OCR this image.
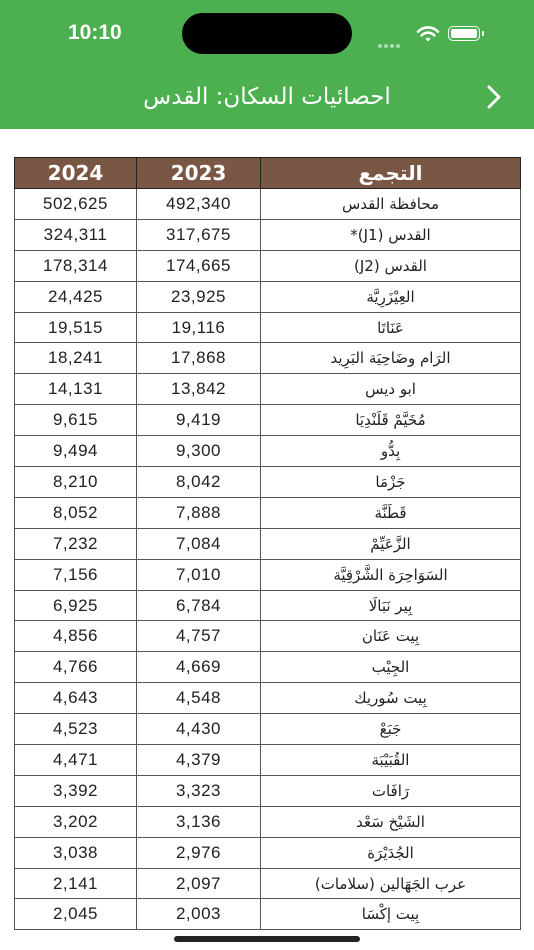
10:10
احصائيات السكان: القدس
2024	2023	التجمع
502,625	492,340	محافظة القدس
324,311	317,675	القدس (J1)*
178,314	174,665	القدس (J2)
24,425	23,925	العِيْزَرِيَّة
19,515	19,116	عَنَاتَا
18,241	17,868	الرَام وضَاحِيَة البَرِيد
14,131	13,842	ابو ديس
9,615	9,419	مُخَيَّمْ قَلَنْدِيَا
9,494	9,300	بِدُّو
8,210	8,042	جَزْمَا
8,052	7,888	قَطَنَّة
7,232	7,084	الزَّعَيِّمْ
7,156	7,010	السَوَاحِرَة الشَّرْقِيَّة
6,925	6,784	بِير نَبَالَا
4,856	4,757	بِيت عَنَان
4,766	4,669	الجِيْب
4,643	4,548	بِيت سُوريك
4,523	4,430	جَبَعْ
4,471	4,379	القُبَيْبَة
3,392	3,323	رَافَات
3,202	3,136	الشَيْخ سَعْد
3,038	2,976	الجُدَيْرَة
2,141	2,097	عرب الجَهَالين (سلامات)
2,045	2,003	بِيت إكْسَا
